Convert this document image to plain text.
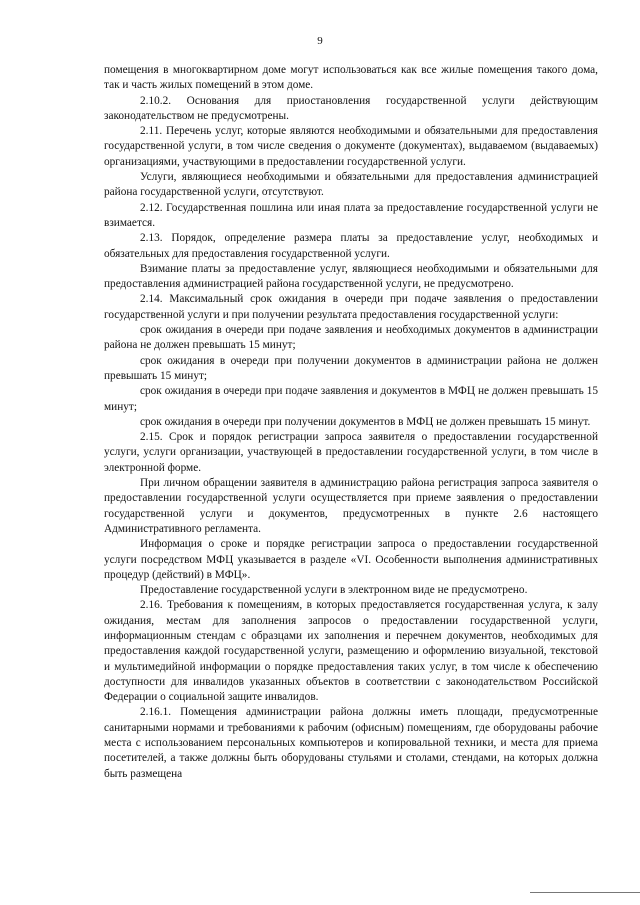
9

помещения в многоквартирном доме могут использоваться как все жилые помещения такого дома, так и часть жилых помещений в этом доме.

2.10.2. Основания для приостановления государственной услуги действующим законодательством не предусмотрены.

2.11. Перечень услуг, которые являются необходимыми и обязательными для предоставления государственной услуги, в том числе сведения о документе (документах), выдаваемом (выдаваемых) организациями, участвующими в предоставлении государственной услуги.

Услуги, являющиеся необходимыми и обязательными для предоставления администрацией района государственной услуги, отсутствуют.

2.12. Государственная пошлина или иная плата за предоставление государственной услуги не взимается.

2.13. Порядок, определение размера платы за предоставление услуг, необходимых и обязательных для предоставления государственной услуги.

Взимание платы за предоставление услуг, являющиеся необходимыми и обязательными для предоставления администрацией района государственной услуги, не предусмотрено.

2.14. Максимальный срок ожидания в очереди при подаче заявления о предоставлении государственной услуги и при получении результата предоставления государственной услуги:

срок ожидания в очереди при подаче заявления и необходимых документов в администрации района не должен превышать 15 минут;

срок ожидания в очереди при получении документов в администрации района не должен превышать 15 минут;

срок ожидания в очереди при подаче заявления и документов в МФЦ не должен превышать 15 минут;

срок ожидания в очереди при получении документов в МФЦ не должен превышать 15 минут.

2.15. Срок и порядок регистрации запроса заявителя о предоставлении государственной услуги, услуги организации, участвующей в предоставлении государственной услуги, в том числе в электронной форме.

При личном обращении заявителя в администрацию района регистрация запроса заявителя о предоставлении государственной услуги осуществляется при приеме заявления о предоставлении государственной услуги и документов, предусмотренных в пункте 2.6 настоящего Административного регламента.

Информация о сроке и порядке регистрации запроса о предоставлении государственной услуги посредством МФЦ указывается в разделе «VI. Особенности выполнения административных процедур (действий) в МФЦ».

Предоставление государственной услуги в электронном виде не предусмотрено.

2.16. Требования к помещениям, в которых предоставляется государственная услуга, к залу ожидания, местам для заполнения запросов о предоставлении государственной услуги, информационным стендам с образцами их заполнения и перечнем документов, необходимых для предоставления каждой государственной услуги, размещению и оформлению визуальной, текстовой и мультимедийной информации о порядке предоставления таких услуг, в том числе к обеспечению доступности для инвалидов указанных объектов в соответствии с законодательством Российской Федерации о социальной защите инвалидов.

2.16.1. Помещения администрации района должны иметь площади, предусмотренные санитарными нормами и требованиями к рабочим (офисным) помещениям, где оборудованы рабочие места с использованием персональных компьютеров и копировальной техники, и места для приема посетителей, а также должны быть оборудованы стульями и столами, стендами, на которых должна быть размещена
